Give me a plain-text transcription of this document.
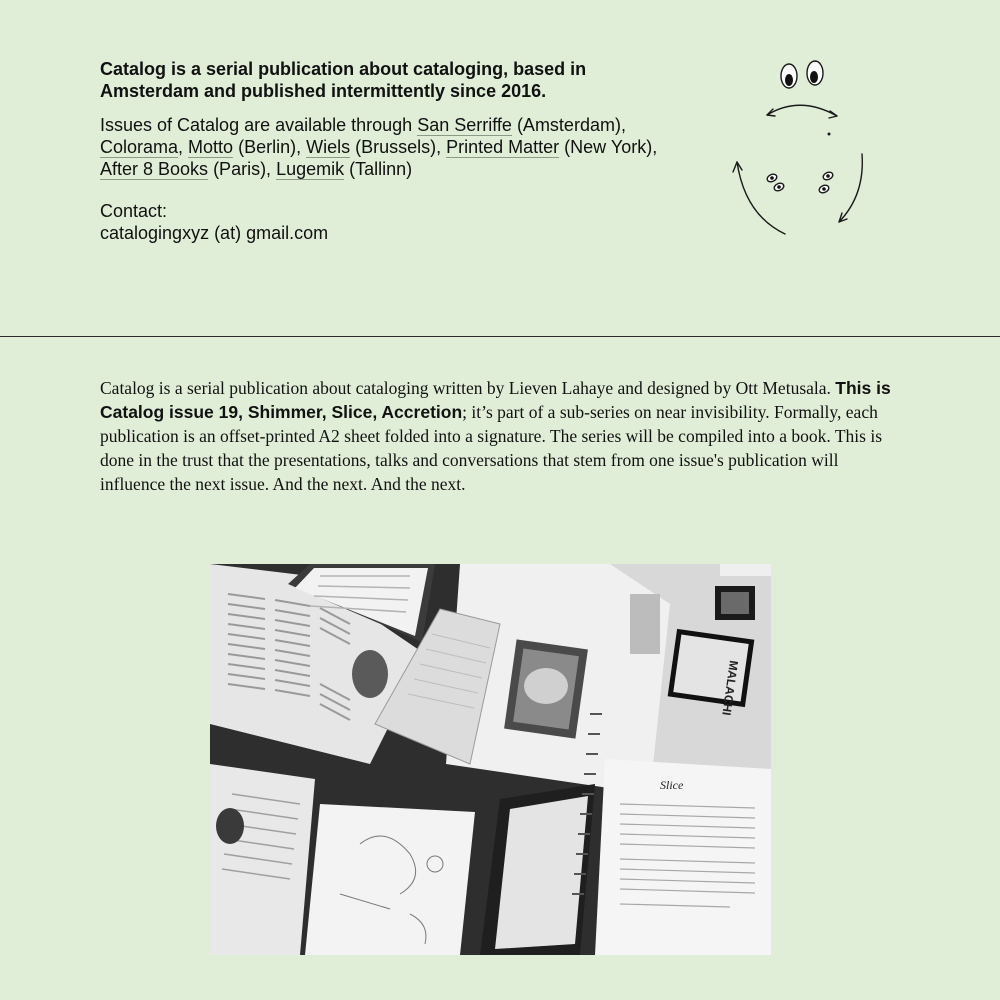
Catalog is a serial publication about cataloging, based in Amsterdam and published intermittently since 2016.

Issues of Catalog are available through San Serriffe (Amsterdam), Colorama, Motto (Berlin), Wiels (Brussels), Printed Matter (New York), After 8 Books (Paris), Lugemik (Tallinn)

Contact:

catalogingxyz (at) gmail.com

Catalog is a serial publication about cataloging written by Lieven Lahaye and designed by Ott Metusala. This is Catalog issue 19, Shimmer, Slice, Accretion; it’s part of a sub-series on near invisibility. Formally, each publication is an offset-printed A2 sheet folded into a signature. The series will be compiled into a book. This is done in the trust that the presentations, talks and conversations that stem from one issue's publication will influence the next issue. And the next. And the next.

MALACHI
Slice
